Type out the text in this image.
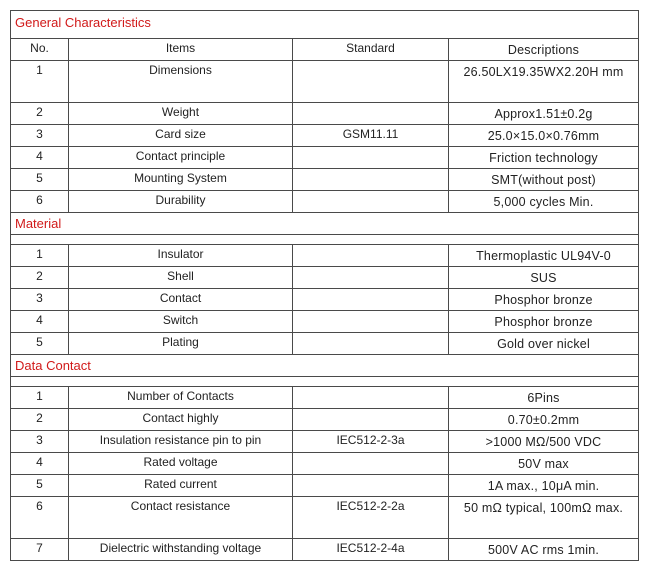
General Characteristics			
No.	Items	Standard	Descriptions
1	Dimensions		26.50LX19.35WX2.20H mm
2	Weight		Approx1.51±0.2g
3	Card size	GSM11.11	25.0×15.0×0.76mm
4	Contact principle		Friction technology
5	Mounting System		SMT(without post)
6	Durability		5,000 cycles Min.
Material			

1	Insulator		Thermoplastic UL94V-0
2	Shell		SUS
3	Contact		Phosphor bronze
4	Switch		Phosphor bronze
5	Plating		Gold over nickel
Data Contact			

1	Number of Contacts		6Pins
2	Contact highly		0.70±0.2mm
3	Insulation resistance pin to pin	IEC512-2-3a	>1000 MΩ/500 VDC
4	Rated voltage		50V max
5	Rated current		1A max., 10μA min.
6	Contact resistance	IEC512-2-2a	50 mΩ typical, 100mΩ max.
7	Dielectric withstanding voltage	IEC512-2-4a	500V AC rms 1min.
